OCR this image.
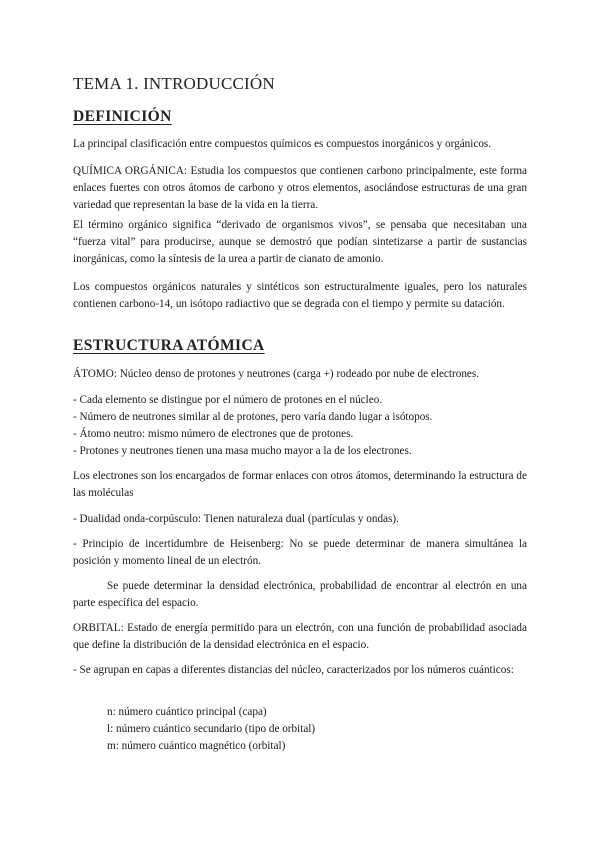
TEMA 1. INTRODUCCIÓN
DEFINICIÓN

La principal clasificación entre compuestos químicos es compuestos inorgánicos y orgánicos.

QUÍMICA ORGÁNICA: Estudia los compuestos que contienen carbono principalmente, este forma enlaces fuertes con otros átomos de carbono y otros elementos, asociándose estructuras de una gran variedad que representan la base de la vida en la tierra.

El término orgánico significa “derivado de organismos vivos”, se pensaba que necesitaban una “fuerza vital” para producirse, aunque se demostró que podían sintetizarse a partir de sustancias inorgánicas, como la síntesis de la urea a partir de cianato de amonio.

Los compuestos orgánicos naturales y sintéticos son estructuralmente iguales, pero los naturales contienen carbono-14, un isótopo radiactivo que se degrada con el tiempo y permite su datación.

ESTRUCTURA ATÓMICA

ÁTOMO: Núcleo denso de protones y neutrones (carga +) rodeado por nube de electrones.

- Cada elemento se distingue por el número de protones en el núcleo.
- Número de neutrones similar al de protones, pero varía dando lugar a isótopos.
- Átomo neutro: mismo número de electrones que de protones.
- Protones y neutrones tienen una masa mucho mayor a la de los electrones.

Los electrones son los encargados de formar enlaces con otros átomos, determinando la estructura de las moléculas

- Dualidad onda-corpúsculo: Tienen naturaleza dual (partículas y ondas).

- Principio de incertidumbre de Heisenberg: No se puede determinar de manera simultánea la posición y momento lineal de un electrón.

Se puede determinar la densidad electrónica, probabilidad de encontrar al electrón en una parte específica del espacio.

ORBITAL: Estado de energía permitido para un electrón, con una función de probabilidad asociada que define la distribución de la densidad electrónica en el espacio.

- Se agrupan en capas a diferentes distancias del núcleo, caracterizados por los números cuánticos:

n: número cuántico principal (capa)
l: número cuántico secundario (tipo de orbital)
m: número cuántico magnético (orbital)
